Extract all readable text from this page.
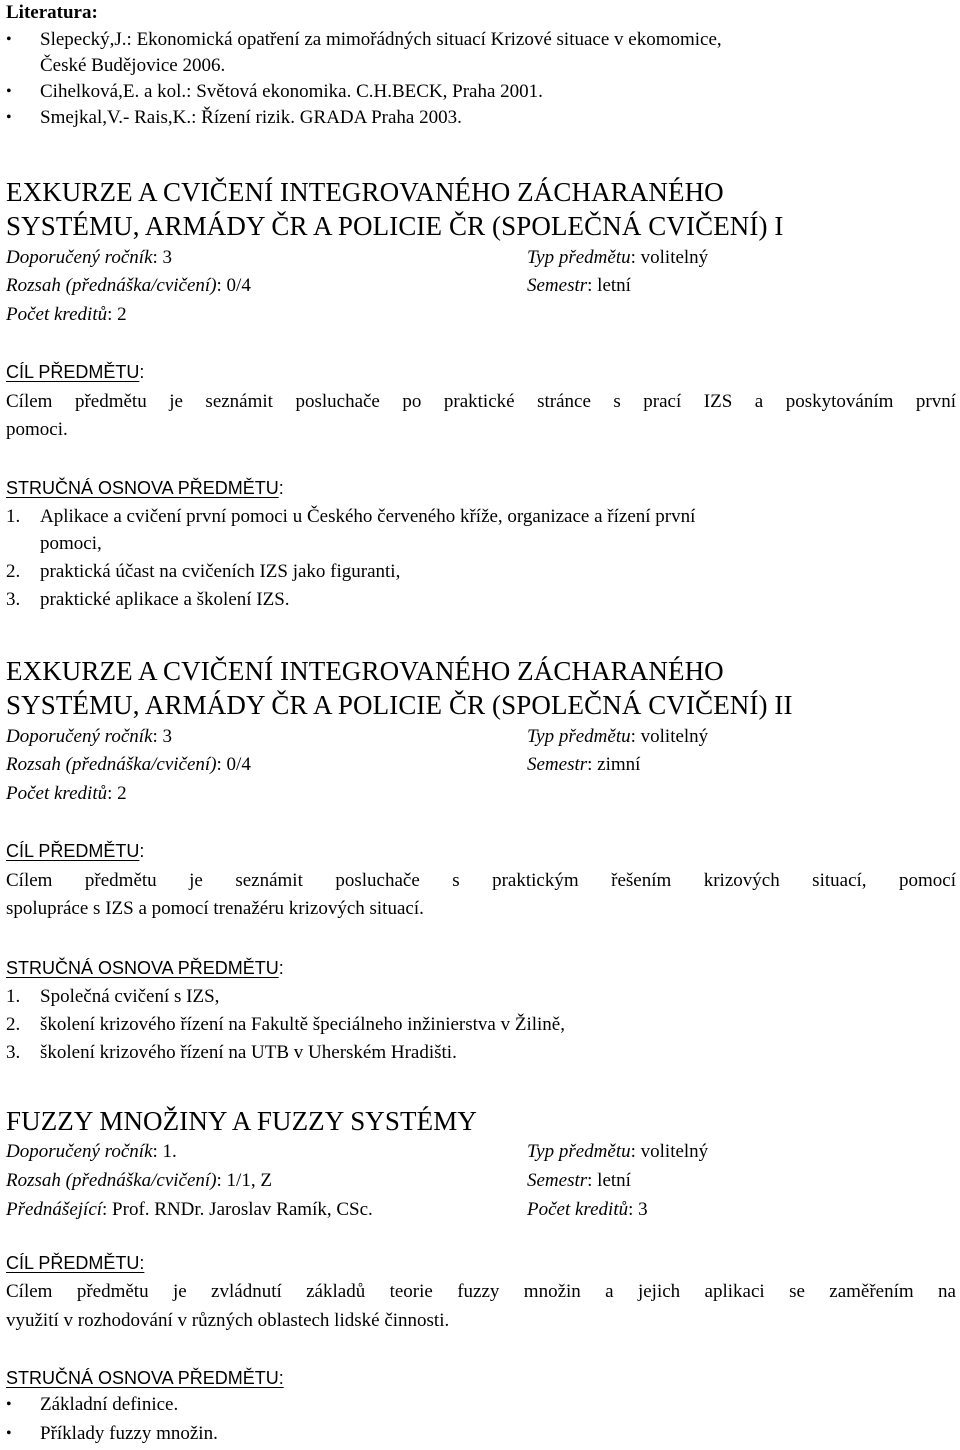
Literatura:
• Slepecký,J.: Ekonomická opatření za mimořádných situací Krizové situace v ekomomice,
České Budějovice 2006.
• Cihelková,E. a kol.: Světová ekonomika. C.H.BECK, Praha 2001.
• Smejkal,V.- Rais,K.: Řízení rizik. GRADA Praha 2003.
EXKURZE A CVIČENÍ INTEGROVANÉHO ZÁCHARANÉHO
SYSTÉMU, ARMÁDY ČR A POLICIE ČR (SPOLEČNÁ CVIČENÍ) I
Doporučený ročník: 3	Typ předmětu: volitelný
Rozsah (přednáška/cvičení): 0/4	Semestr: letní
Počet kreditů: 2
CÍL PŘEDMĚTU:
Cílem předmětu je seznámit posluchače po praktické stránce s prací IZS a poskytováním první
pomoci.
STRUČNÁ OSNOVA PŘEDMĚTU:
1. Aplikace a cvičení první pomoci u Českého červeného kříže, organizace a řízení první
pomoci,
2. praktická účast na cvičeních IZS jako figuranti,
3. praktické aplikace a školení IZS.
EXKURZE A CVIČENÍ INTEGROVANÉHO ZÁCHARANÉHO
SYSTÉMU, ARMÁDY ČR A POLICIE ČR (SPOLEČNÁ CVIČENÍ) II
Doporučený ročník: 3	Typ předmětu: volitelný
Rozsah (přednáška/cvičení): 0/4	Semestr: zimní
Počet kreditů: 2
CÍL PŘEDMĚTU:
Cílem předmětu je seznámit posluchače s praktickým řešením krizových situací, pomocí
spolupráce s IZS a pomocí trenažéru krizových situací.
STRUČNÁ OSNOVA PŘEDMĚTU:
1. Společná cvičení s IZS,
2. školení krizového řízení na Fakultě špeciálneho inžinierstva v Žilině,
3. školení krizového řízení na UTB v Uherském Hradišti.
FUZZY MNOŽINY A FUZZY SYSTÉMY
Doporučený ročník: 1.	Typ předmětu: volitelný
Rozsah (přednáška/cvičení): 1/1, Z	Semestr: letní
Přednášející: Prof. RNDr. Jaroslav Ramík, CSc.	Počet kreditů: 3
CÍL PŘEDMĚTU:
Cílem předmětu je zvládnutí základů teorie fuzzy množin a jejich aplikaci se zaměřením na
využití v rozhodování v různých oblastech lidské činnosti.
STRUČNÁ OSNOVA PŘEDMĚTU:
• Základní definice.
• Příklady fuzzy množin.
